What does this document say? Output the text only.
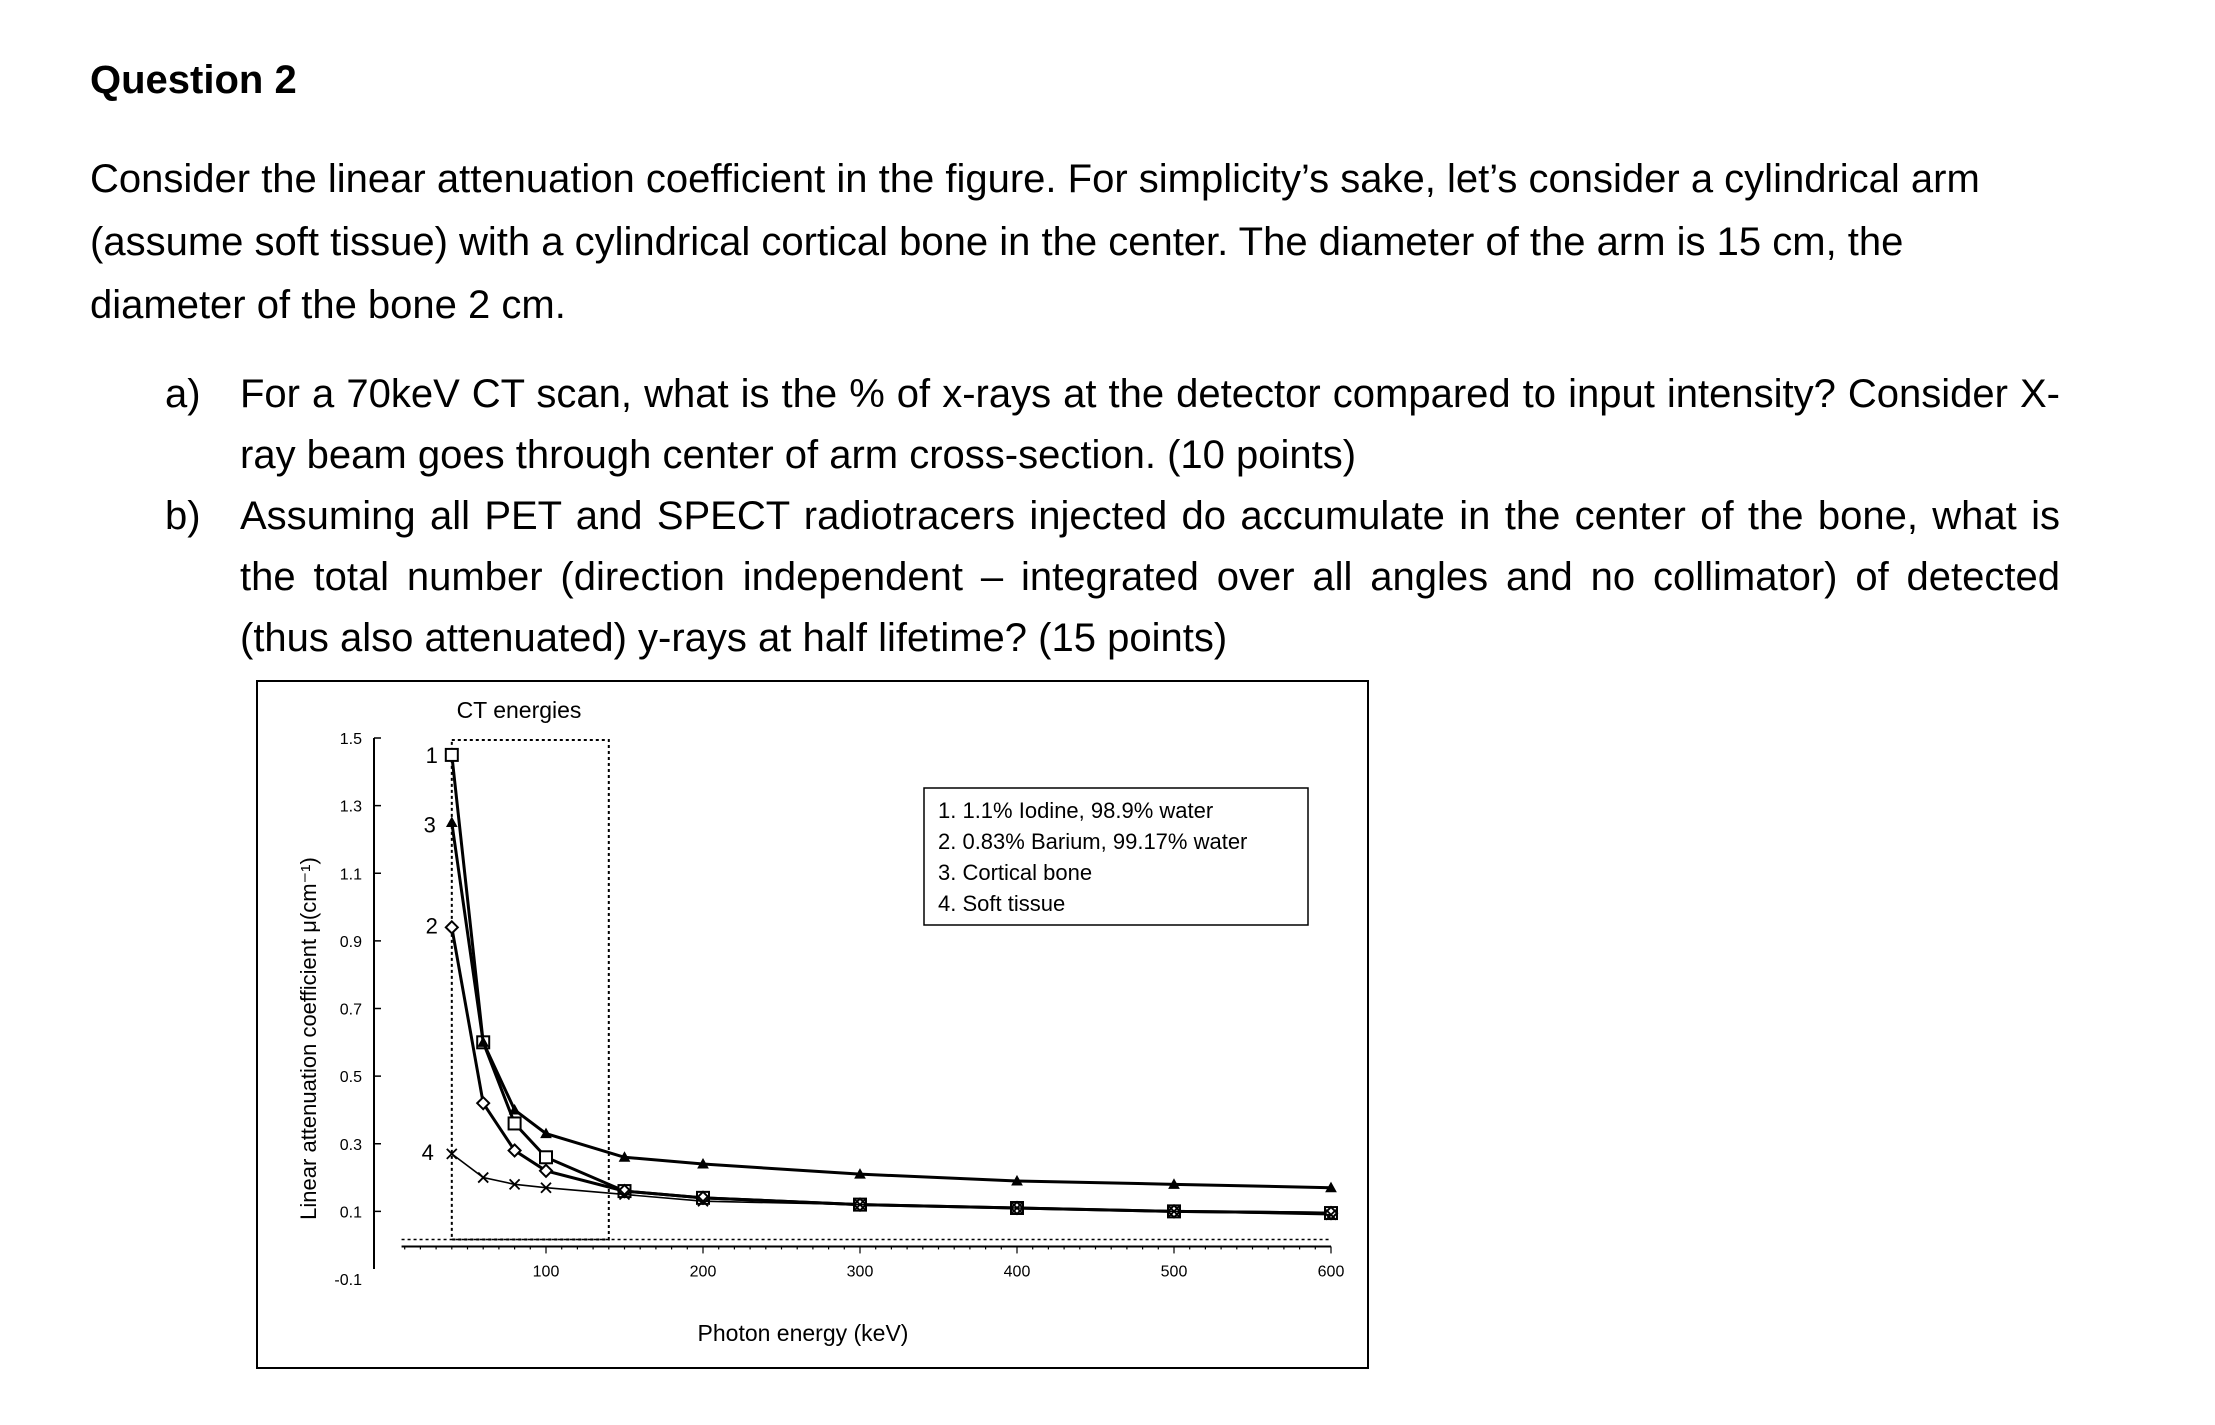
Question 2
Consider the linear attenuation coefficient in the figure. For simplicity’s sake, let’s consider a cylindrical arm (assume soft tissue) with a cylindrical cortical bone in the center. The diameter of the arm is 15 cm, the diameter of the bone 2 cm.
a) For a 70keV CT scan, what is the % of x-rays at the detector compared to input intensity? Consider X-ray beam goes through center of arm cross-section. (10 points)
b) Assuming all PET and SPECT radiotracers injected do accumulate in the center of the bone, what is the total number (direction independent – integrated over all angles and no collimator) of detected (thus also attenuated) y-rays at half lifetime? (15 points)
CT energies
-0.1
0.1
0.3
0.5
0.7
0.9
1.1
1.3
1.5
100	200	300	400	500	600
1
2
3
4
Photon energy (keV)
Linear attenuation coefficient μ(cm⁻¹)
1. 1.1% Iodine, 98.9% water
2. 0.83% Barium, 99.17% water
3. Cortical bone
4. Soft tissue
